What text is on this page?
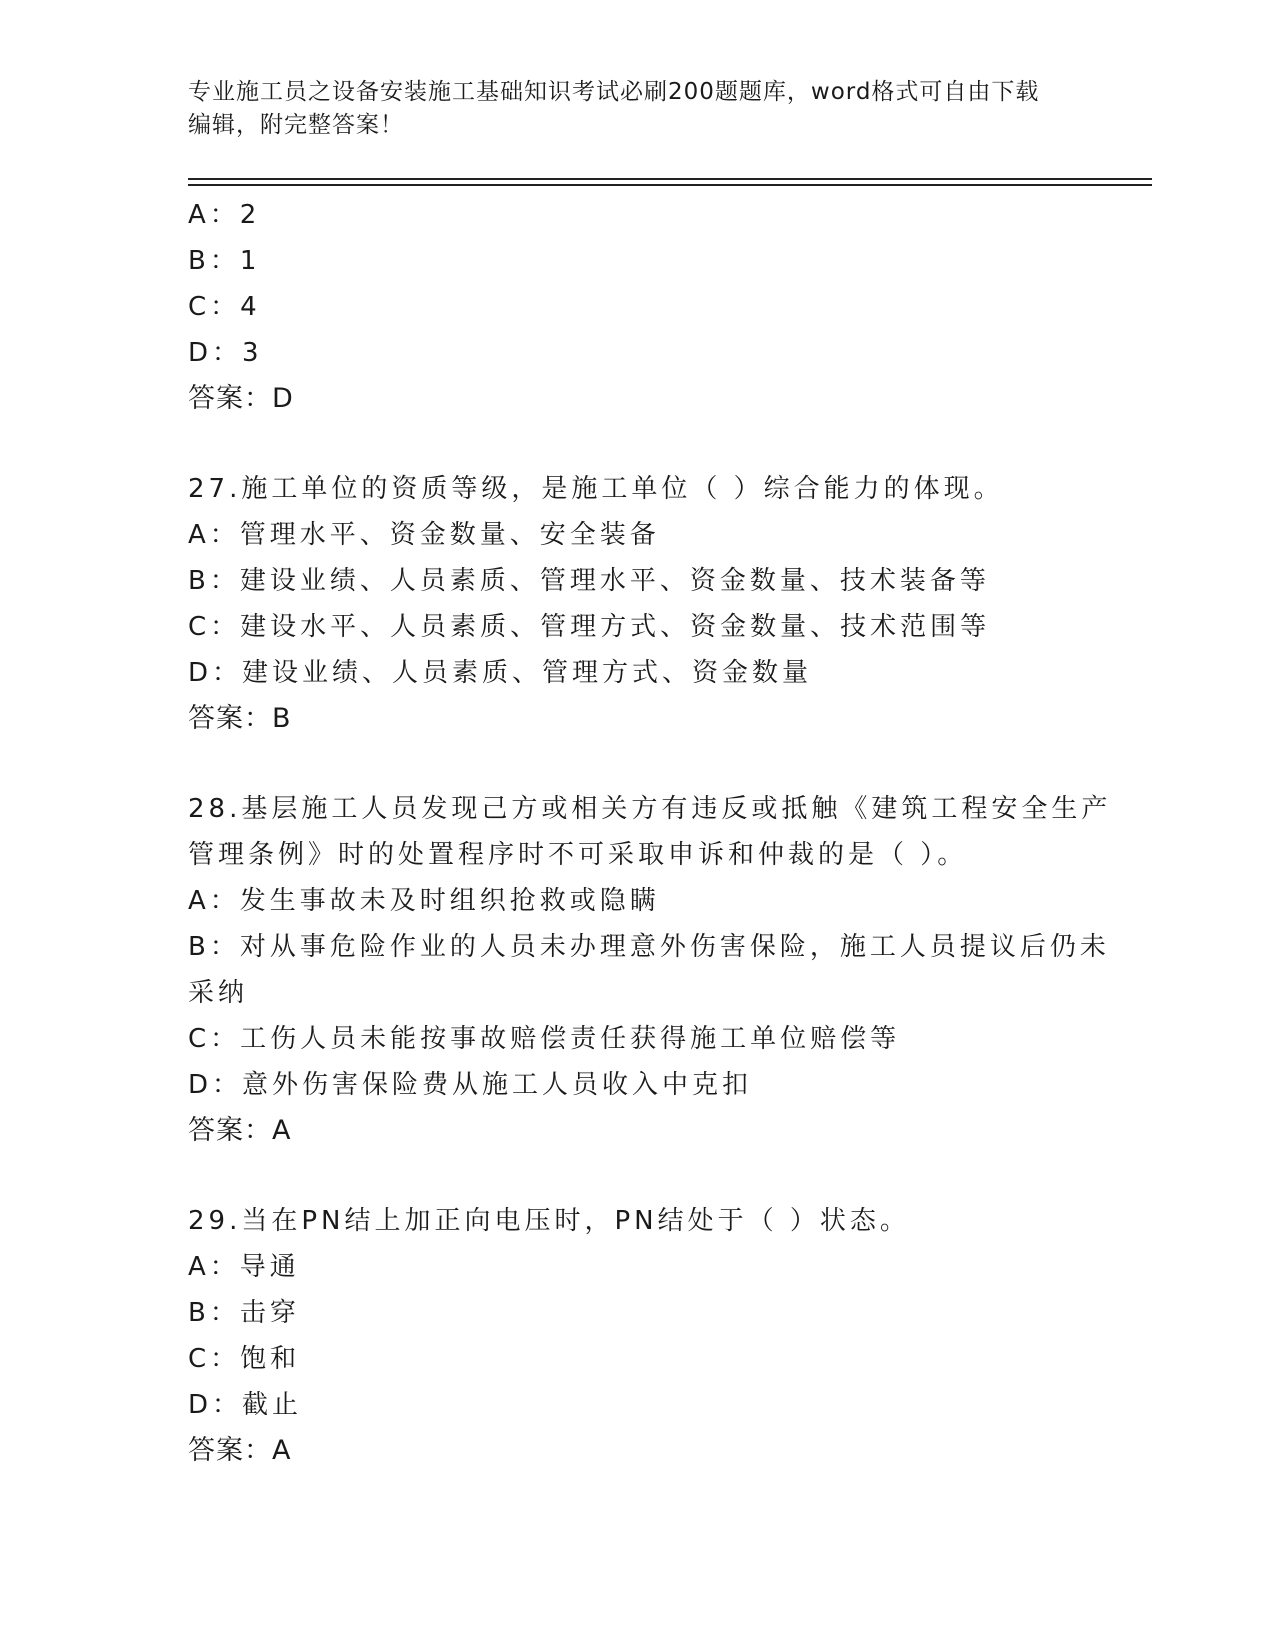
专业施工员之设备安装施工基础知识考试必刷200题题库，word格式可自由下载
编辑，附完整答案！
A：2
B：1
C：4
D：3
答案：D
27.施工单位的资质等级，是施工单位（ ）综合能力的体现。
A：管理水平、资金数量、安全装备
B：建设业绩、人员素质、管理水平、资金数量、技术装备等
C：建设水平、人员素质、管理方式、资金数量、技术范围等
D：建设业绩、人员素质、管理方式、资金数量
答案：B
28.基层施工人员发现己方或相关方有违反或抵触《建筑工程安全生产
管理条例》时的处置程序时不可采取申诉和仲裁的是（ ）。
A：发生事故未及时组织抢救或隐瞒
B：对从事危险作业的人员未办理意外伤害保险，施工人员提议后仍未
采纳
C：工伤人员未能按事故赔偿责任获得施工单位赔偿等
D：意外伤害保险费从施工人员收入中克扣
答案：A
29.当在PN结上加正向电压时，PN结处于（ ）状态。
A：导通
B：击穿
C：饱和
D：截止
答案：A
